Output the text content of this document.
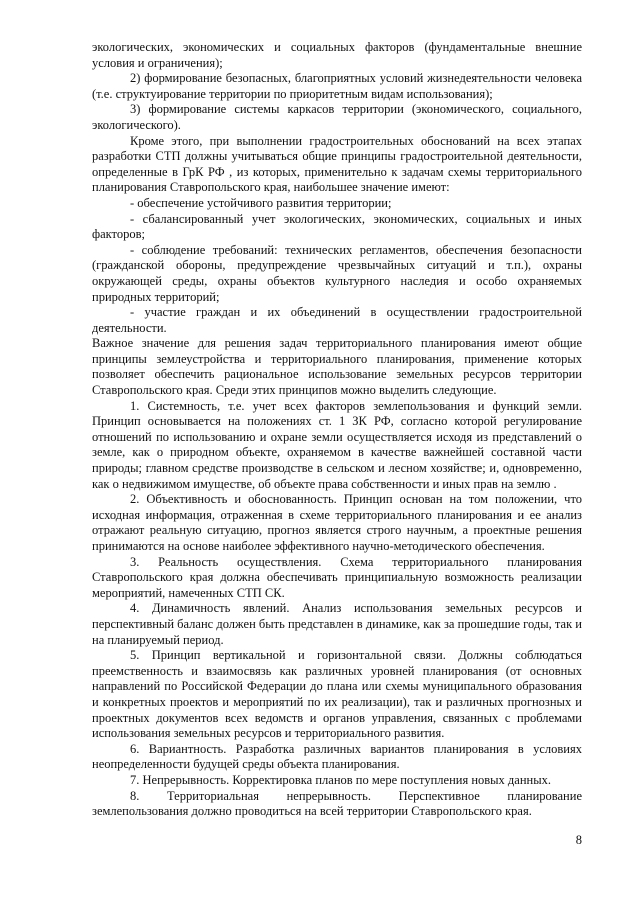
экологических, экономических и социальных факторов (фундаментальные внешние условия и ограничения);

2) формирование безопасных, благоприятных условий жизнедеятельности человека (т.е. структуирование территории по приоритетным видам использования);

3) формирование системы каркасов территории (экономического, социального, экологического).

Кроме этого, при выполнении градостроительных обоснований на всех этапах разработки СТП должны учитываться общие принципы градостроительной деятельности, определенные в ГрК РФ , из которых, применительно к задачам схемы территориального планирования Ставропольского края, наибольшее значение имеют:

- обеспечение устойчивого развития территории;

- сбалансированный учет экологических, экономических, социальных и иных факторов;

- соблюдение требований: технических регламентов, обеспечения безопасности (гражданской обороны, предупреждение чрезвычайных ситуаций и т.п.), охраны окружающей среды, охраны объектов культурного наследия и особо охраняемых природных территорий;

- участие граждан и их объединений в осуществлении градостроительной деятельности.

Важное значение для решения задач территориального планирования имеют общие принципы землеустройства и территориального планирования, применение которых позволяет обеспечить рациональное использование земельных ресурсов территории Ставропольского края. Среди этих принципов можно выделить следующие.

1. Системность, т.е. учет всех факторов землепользования и функций земли. Принцип основывается на положениях ст. 1 ЗК РФ, согласно которой регулирование отношений по использованию и охране земли осуществляется исходя из представлений о земле, как о природном объекте, охраняемом в качестве важнейшей составной части природы; главном средстве производстве в сельском и лесном хозяйстве; и, одновременно, как о недвижимом имуществе, об объекте права собственности и иных прав на землю .

2. Объективность и обоснованность. Принцип основан на том положении, что исходная информация, отраженная в схеме территориального планирования и ее анализ отражают реальную ситуацию, прогноз является строго научным, а проектные решения принимаются на основе наиболее эффективного научно-методического обеспечения.

3. Реальность осуществления. Схема территориального планирования Ставропольского края должна обеспечивать принципиальную возможность реализации мероприятий, намеченных СТП СК.

4. Динамичность явлений. Анализ использования земельных ресурсов и перспективный баланс должен быть представлен в динамике, как за прошедшие годы, так и на планируемый период.

5. Принцип вертикальной и горизонтальной связи. Должны соблюдаться преемственность и взаимосвязь как различных уровней планирования (от основных направлений по Российской Федерации до плана или схемы муниципального образования и конкретных проектов и мероприятий по их реализации), так и различных прогнозных и проектных документов всех ведомств и органов управления, связанных с проблемами использования земельных ресурсов и территориального развития.

6. Вариантность. Разработка различных вариантов планирования в условиях неопределенности будущей среды объекта планирования.

7. Непрерывность. Корректировка планов по мере поступления новых данных.

8. Территориальная непрерывность. Перспективное планирование землепользования должно проводиться на всей территории Ставропольского края.

8
